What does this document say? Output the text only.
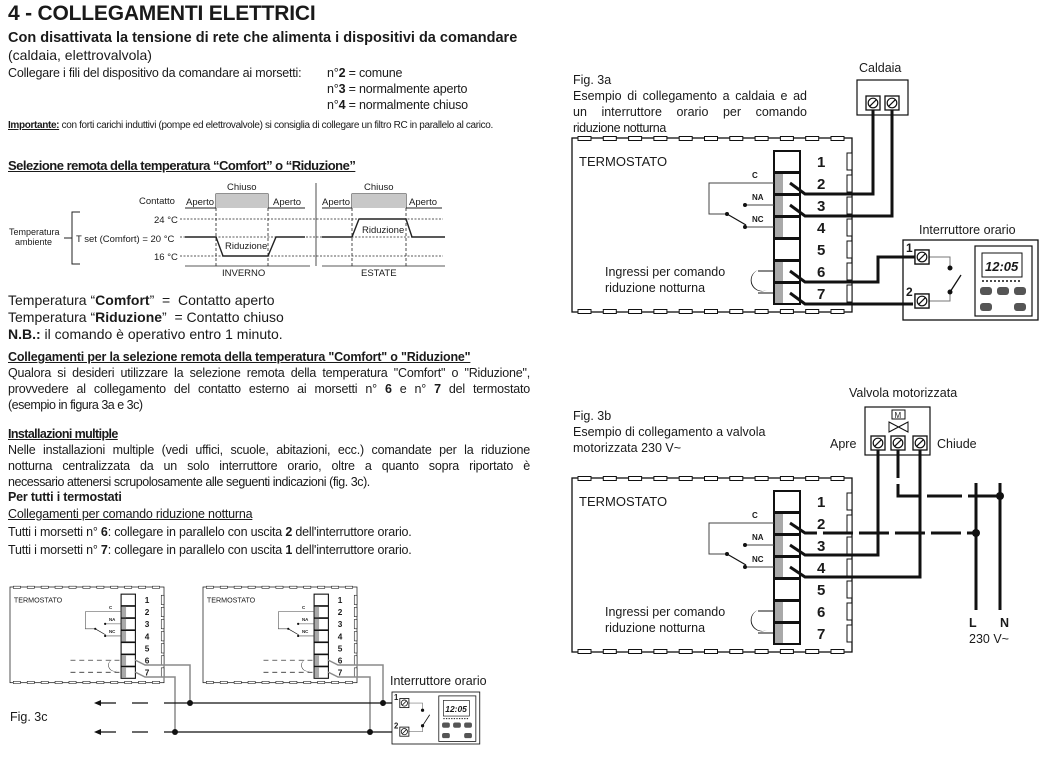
4 - COLLEGAMENTI ELETTRICI
Con disattivata la tensione di rete che alimenta i dispositivi da comandare
(caldaia, elettrovalvola)
Collegare i fili del dispositivo da comandare ai morsetti: n°2 = comune
n°3 = normalmente aperto
n°4 = normalmente chiuso
Importante: con forti carichi induttivi (pompe ed elettrovalvole) si consiglia di collegare un filtro RC in parallelo al carico.
Selezione remota della temperatura “Comfort” o “Riduzione”
Chiuso	Chiuso
Contatto Aperto	Aperto Aperto	Aperto
24 °C
T set (Comfort) = 20 °C
16 °C
Temperatura
ambiente	Riduzione
Riduzione
INVERNO	ESTATE
Temperatura “Comfort”  =  Contatto aperto
Temperatura “Riduzione”  = Contatto chiuso
N.B.: il comando è operativo entro 1 minuto.
Collegamenti per la selezione remota della temperatura "Comfort" o "Riduzione"
Qualora si desideri utilizzare la selezione remota della temperatura "Comfort" o "Riduzione",
provvedere al collegamento del contatto esterno ai morsetti n° 6 e n° 7 del termostato
(esempio in figura 3a e 3c)
Installazioni multiple
Nelle installazioni multiple (vedi uffici, scuole, abitazioni, ecc.) comandate per la riduzione
notturna centralizzata da un solo interruttore orario, oltre a quanto sopra riportato è
necessario attenersi scrupolosamente alle seguenti indicazioni (fig. 3c).
Per tutti i termostati
Collegamenti per comando riduzione notturna
Tutti i morsetti n° 6: collegare in parallelo con uscita 2 dell'interruttore orario.
Tutti i morsetti n° 7: collegare in parallelo con uscita 1 dell'interruttore orario.
Fig. 3a
Esempio di collegamento a caldaia e ad
un interruttore orario per comando
riduzione notturna
Caldaia
Interruttore orario
Fig. 3b
Esempio di collegamento a valvola
motorizzata 230 V~
Valvola motorizzata
Apre	Chiude
L N
230 V~
Fig. 3c
Interruttore orario
TERMOSTATO	1
2
3
4
5
6
7
C
NA
NC
Ingressi per comando
riduzione notturna
1
2
12:05
TERMOSTATO	1
2
3
4
5
6
7
C
NA
NC
Ingressi per comando
riduzione notturna
M
TERMOSTATO	1
2
3
4
5
6
7
C
NA
NC
TERMOSTATO	1
2
3
4
5
6
7
C
NA
NC
1
2
12:05
